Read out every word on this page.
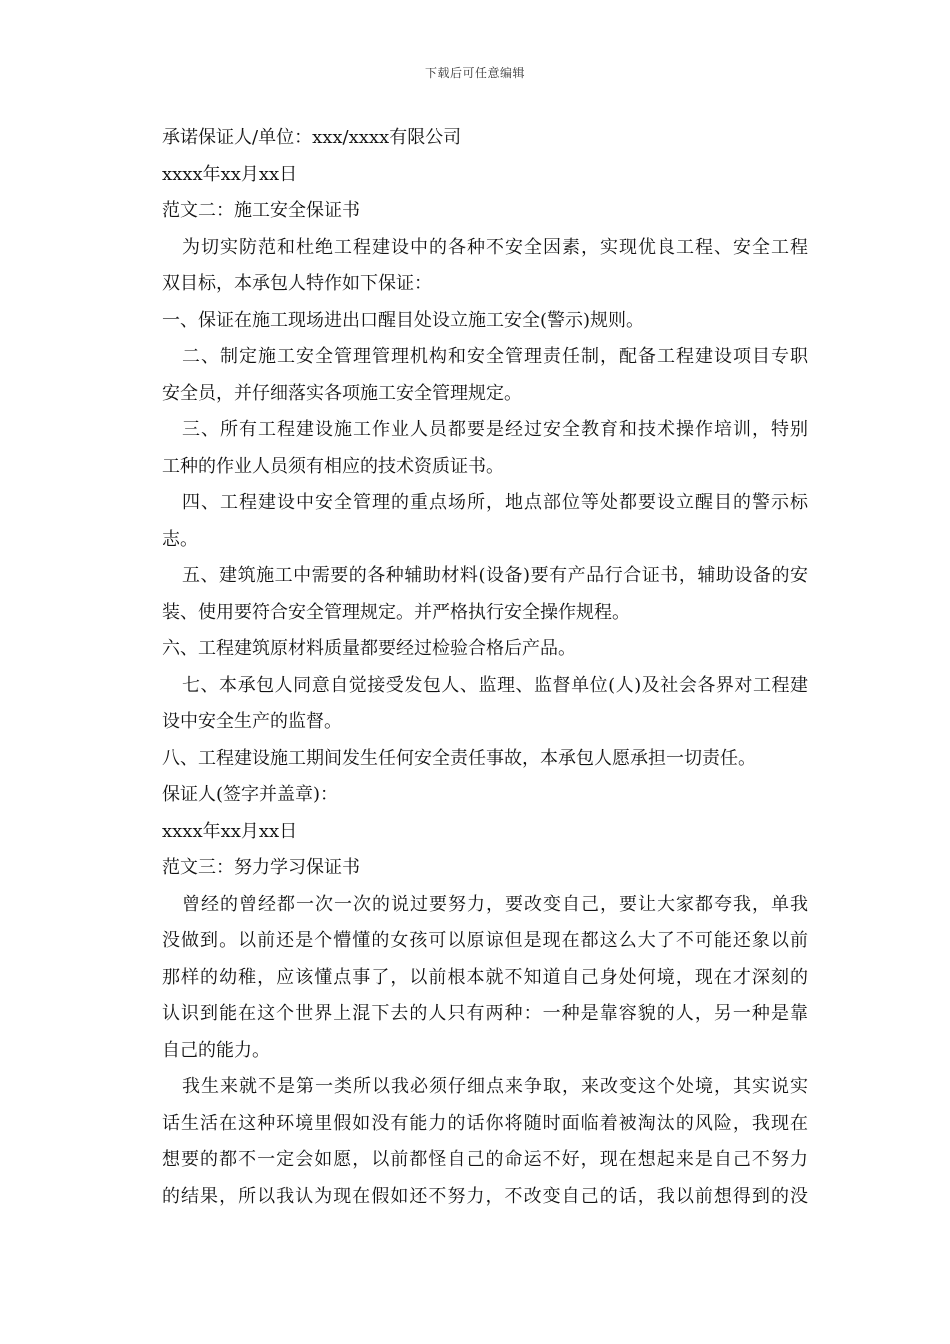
下载后可任意编辑
承诺保证人/单位：xxx/xxxx有限公司
xxxx年xx月xx日
范文二：施工安全保证书
为切实防范和杜绝工程建设中的各种不安全因素，实现优良工程、安全工程
双目标，本承包人特作如下保证：
一、保证在施工现场进出口醒目处设立施工安全(警示)规则。
二、制定施工安全管理管理机构和安全管理责任制，配备工程建设项目专职
安全员，并仔细落实各项施工安全管理规定。
三、所有工程建设施工作业人员都要是经过安全教育和技术操作培训，特别
工种的作业人员须有相应的技术资质证书。
四、工程建设中安全管理的重点场所，地点部位等处都要设立醒目的警示标
志。
五、建筑施工中需要的各种辅助材料(设备)要有产品行合证书，辅助设备的安
装、使用要符合安全管理规定。并严格执行安全操作规程。
六、工程建筑原材料质量都要经过检验合格后产品。
七、本承包人同意自觉接受发包人、监理、监督单位(人)及社会各界对工程建
设中安全生产的监督。
八、工程建设施工期间发生任何安全责任事故，本承包人愿承担一切责任。
保证人(签字并盖章)：
xxxx年xx月xx日
范文三：努力学习保证书
曾经的曾经都一次一次的说过要努力，要改变自己，要让大家都夸我，单我
没做到。以前还是个懵懂的女孩可以原谅但是现在都这么大了不可能还象以前
那样的幼稚，应该懂点事了，以前根本就不知道自己身处何境，现在才深刻的
认识到能在这个世界上混下去的人只有两种：一种是靠容貌的人，另一种是靠
自己的能力。
我生来就不是第一类所以我必须仔细点来争取，来改变这个处境，其实说实
话生活在这种环境里假如没有能力的话你将随时面临着被淘汰的风险，我现在
想要的都不一定会如愿，以前都怪自己的命运不好，现在想起来是自己不努力
的结果，所以我认为现在假如还不努力，不改变自己的话，我以前想得到的没
